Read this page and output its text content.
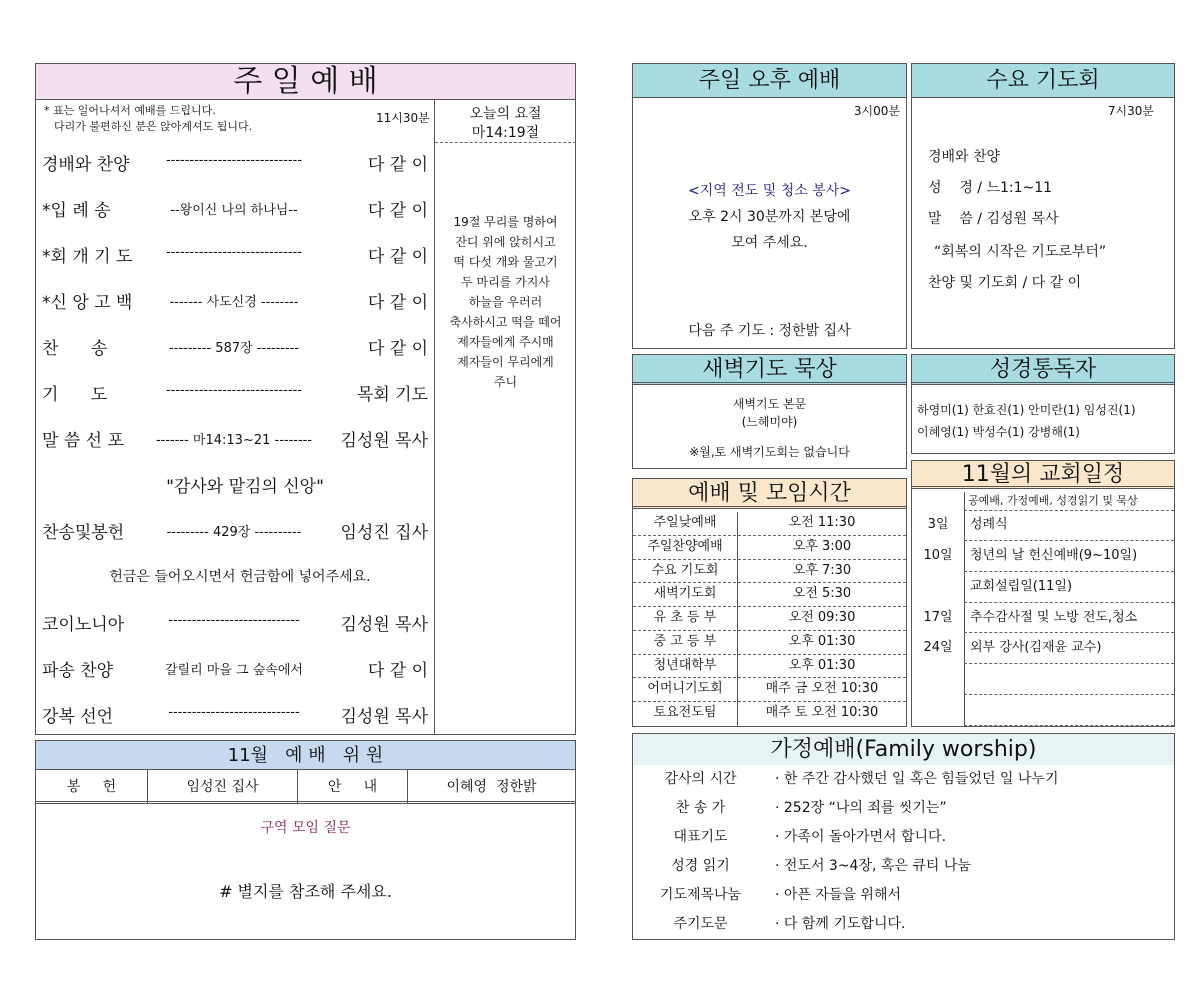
주 일 예 배
* 표는 일어나셔서 예배를 드립니다.
다리가 불편하신 분은 앉아계셔도 됩니다.
11시30분
경배와 찬양	-----------------------------	다 같 이
*입 례 송	--왕이신 나의 하나님--	다 같 이
*회 개 기 도	-----------------------------	다 같 이
*신 앙 고 백	------- 사도신경 --------	다 같 이
찬      송	--------- 587장 ---------	다 같 이
기      도	-----------------------------	목회 기도
말 씀 선 포	------- 마14:13~21 --------	김성원 목사
"감사와 맡김의 신앙"
찬송및봉헌	--------- 429장 ----------	임성진 집사
헌금은 들어오시면서 헌금함에 넣어주세요.
코이노니아	----------------------------	김성원 목사
파송 찬양	갈릴리 마을 그 숲속에서	다 같 이
강복 선언	----------------------------	김성원 목사
오늘의 요절
마14:19절
19절 무리를 명하여
잔디 위에 앉히시고
떡 다섯 개와 물고기
두 마리를 가지사
하늘을 우러러
축사하시고 떡을 떼어
제자들에게 주시매
제자들이 무리에게
주니
11월   예 배   위 원
봉     헌	임성진 집사	안     내	이혜영  정한밝
구역 모임 질문
# 별지를 참조해 주세요.
주일 오후 예배
3시00분
<지역 전도 및 청소 봉사>
오후 2시 30분까지 본당에
모여 주세요.
다음 주 기도 : 정한밝 집사
수요 기도회
7시30분
경배와 찬양
성    경 / 느1:1~11
말    씀 / 김성원 목사
“회복의 시작은 기도로부터”
찬양 및 기도회 / 다 같 이
새벽기도 묵상
새벽기도 본문
(느헤미야)
※월,토 새벽기도회는 없습니다
성경통독자
하영미(1) 한효진(1) 안미란(1) 임성진(1)
이혜영(1) 박성수(1) 강병해(1)
예배 및 모임시간
주일낮예배	오전 11:30
주일찬양예배	오후 3:00
수요 기도회	오후 7:30
새벽기도회	오전 5:30
유 초 등 부	오전 09:30
중 고 등 부	오후 01:30
청년대학부	오후 01:30
어머니기도회	매주 금 오전 10:30
토요전도팀	매주 토 오전 10:30
11월의 교회일정
공예배, 가정예배, 성경읽기 및 묵상
3일	성례식
10일	청년의 날 헌신예배(9~10일)
교회설립일(11일)
17일	추수감사절 및 노방 전도,청소
24일	외부 강사(김재윤 교수)
가정예배(Family worship)
감사의 시간	· 한 주간 감사했던 일 혹은 힘들었던 일 나누기
찬 송 가	· 252장 “나의 죄를 씻기는”
대표기도	· 가족이 돌아가면서 합니다.
성경 읽기	· 전도서 3~4장, 혹은 큐티 나눔
기도제목나눔	· 아픈 자들을 위해서
주기도문	· 다 함께 기도합니다.
